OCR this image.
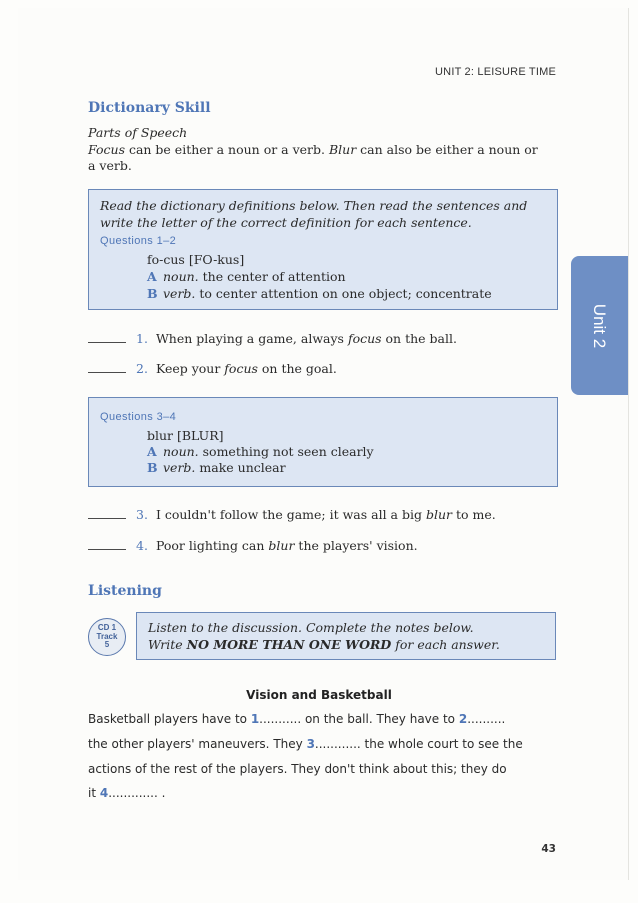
UNIT 2: LEISURE TIME
Unit 2
Dictionary Skill
Parts of Speech
Focus can be either a noun or a verb. Blur can also be either a noun or
a verb.
Read the dictionary definitions below. Then read the sentences and
write the letter of the correct definition for each sentence.
Questions 1–2
fo-cus [FO-kus]
A noun. the center of attention
B verb. to center attention on one object; concentrate
1. When playing a game, always focus on the ball.
2. Keep your focus on the goal.
Questions 3–4
blur [BLUR]
A noun. something not seen clearly
B verb. make unclear
3. I couldn't follow the game; it was all a big blur to me.
4. Poor lighting can blur the players' vision.
Listening
CD 1
Track
5
Listen to the discussion. Complete the notes below.
Write NO MORE THAN ONE WORD for each answer.
Vision and Basketball
Basketball players have to 1........... on the ball. They have to 2..........
the other players' maneuvers. They 3............ the whole court to see the
actions of the rest of the players. They don't think about this; they do
it 4............. .
43
